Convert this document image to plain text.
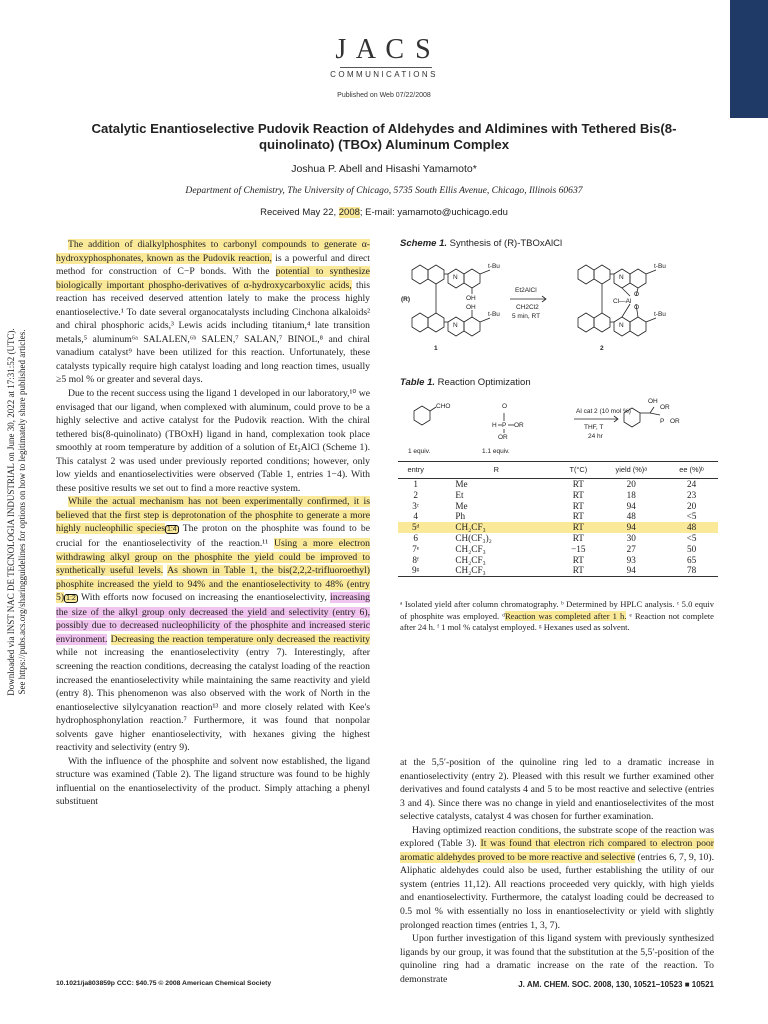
J A C S
COMMUNICATIONS
Published on Web 07/22/2008
Catalytic Enantioselective Pudovik Reaction of Aldehydes and Aldimines with Tethered Bis(8-quinolinato) (TBOx) Aluminum Complex
Joshua P. Abell and Hisashi Yamamoto*
Department of Chemistry, The University of Chicago, 5735 South Ellis Avenue, Chicago, Illinois 60637
Received May 22, 2008; E-mail: yamamoto@uchicago.edu
Downloaded via INST NAC DE TECNOLOGIA INDUSTRIAL on June 30, 2022 at 17:31:52 (UTC). See https://pubs.acs.org/sharingguidelines for options on how to legitimately share published articles.

The addition of dialkylphosphites to carbonyl compounds to generate α-hydroxyphosphonates, known as the Pudovik reaction, is a powerful and direct method for construction of C−P bonds. With the potential to synthesize biologically important phospho-derivatives of α-hydroxycarboxylic acids, this reaction has received deserved attention lately to make the process highly enantioselective.¹ To date several organocatalysts including Cinchona alkaloids² and chiral phosphoric acids,³ Lewis acids including titanium,⁴ late transition metals,⁵ aluminum⁶ᵃ SALALEN,⁶ᵇ SALEN,⁷ SALAN,⁷ BINOL,⁸ and chiral vanadium catalyst⁹ have been utilized for this reaction. Unfortunately, these catalysts typically require high catalyst loading and long reaction times, usually ≥5 mol % or greater and several days.

Due to the recent success using the ligand 1 developed in our laboratory,¹⁰ we envisaged that our ligand, when complexed with aluminum, could prove to be a highly selective and active catalyst for the Pudovik reaction. With the chiral tethered bis(8-quinolinato) (TBOxH) ligand in hand, complexation took place smoothly at room temperature by addition of a solution of Et₂AlCl (Scheme 1). This catalyst 2 was used under previously reported conditions; however, only low yields and enantioselectivities were observed (Table 1, entries 1−4). With these positive results we set out to find a more reactive system.

While the actual mechanism has not been experimentally confirmed, it is believed that the first step is deprotonation of the phosphite to generate a more highly nucleophilic species 1:4 The proton on the phosphite was found to be crucial for the enantioselectivity of the reaction.¹¹ Using a more electron withdrawing alkyl group on the phosphite the yield could be improved to synthetically useful levels. As shown in Table 1, the bis(2,2,2-trifluoroethyl) phosphite increased the yield to 94% and the enantioselectivity to 48% (entry 5) 1:2 With efforts now focused on increasing the enantioselectivity, increasing the size of the alkyl group only decreased the yield and selectivity (entry 6), possibly due to decreased nucleophilicity of the phosphite and increased steric environment. Decreasing the reaction temperature only decreased the reactivity while not increasing the enantioselectivity (entry 7). Interestingly, after screening the reaction conditions, decreasing the catalyst loading of the reaction increased the enantioselectivity while maintaining the same reactivity and yield (entry 8). This phenomenon was also observed with the work of North in the enantioselective silylcyanation reaction¹³ and more closely related with Kee's hydrophosphonylation reaction.⁷ Furthermore, it was found that nonpolar solvents gave higher enantioselectivity, with hexanes giving the highest reactivity and selectivity (entry 9).

With the influence of the phosphite and solvent now established, the ligand structure was examined (Table 2). The ligand structure was found to be highly influential on the enantioselectivity of the product. Simply attaching a phenyl substituent

Scheme 1. Synthesis of (R)-TBOxAlCl
(R)
t-Bu
t-Bu
OH
OH
N
N
Et2AlCl
CH2Cl2
5 min, RT
t-Bu
t-Bu
Cl—Al
O
O
N
N
1	2
Table 1. Reaction Optimization
CHO	O
H P OR
OR
Al cat 2 (10 mol %)
THF, T
24 hr
OH
OR
P OR
1 equiv.	1.1 equiv.
entry	R	T(°C)	yield (%)ᵃ	ee (%)ᵇ
1	Me	RT	20	24
2	Et	RT	18	23
3ᶜ	Me	RT	94	20
4	Ph	RT	48	<5
5ᵈ	CH₂CF₃	RT	94	48
6	CH(CF₃)₂	RT	30	<5
7ᵉ	CH₂CF₃	−15	27	50
8ᶠ	CH₂CF₃	RT	93	65
9ᵍ	CH₂CF₃	RT	94	78
ᵃ Isolated yield after column chromatography. ᵇ Determined by HPLC analysis. ᶜ 5.0 equiv of phosphite was employed. ᵈReaction was completed after 1 h. ᵉ Reaction not complete after 24 h. ᶠ 1 mol % catalyst employed. ᵍ Hexanes used as solvent.

at the 5,5′-position of the quinoline ring led to a dramatic increase in enantioselectivity (entry 2). Pleased with this result we further examined other derivatives and found catalysts 4 and 5 to be most reactive and selective (entries 3 and 4). Since there was no change in yield and enantioselectivites of the most selective catalysts, catalyst 4 was chosen for further examination.

Having optimized reaction conditions, the substrate scope of the reaction was explored (Table 3). It was found that electron rich compared to electron poor aromatic aldehydes proved to be more reactive and selective (entries 6, 7, 9, 10). Aliphatic aldehydes could also be used, further establishing the utility of our system (entries 11,12). All reactions proceeded very quickly, with high yields and enantioselectivity. Furthermore, the catalyst loading could be decreased to 0.5 mol % with essentially no loss in enantioselectivity or yield with slightly prolonged reaction times (entries 1, 3, 7).

Upon further investigation of this ligand system with previously synthesized ligands by our group, it was found that the substitution at the 5,5′-position of the quinoline ring had a dramatic increase on the rate of the reaction. To demonstrate

10.1021/ja803859p CCC: $40.75 © 2008 American Chemical Society	J. AM. CHEM. SOC. 2008, 130, 10521–10523 ■ 10521
